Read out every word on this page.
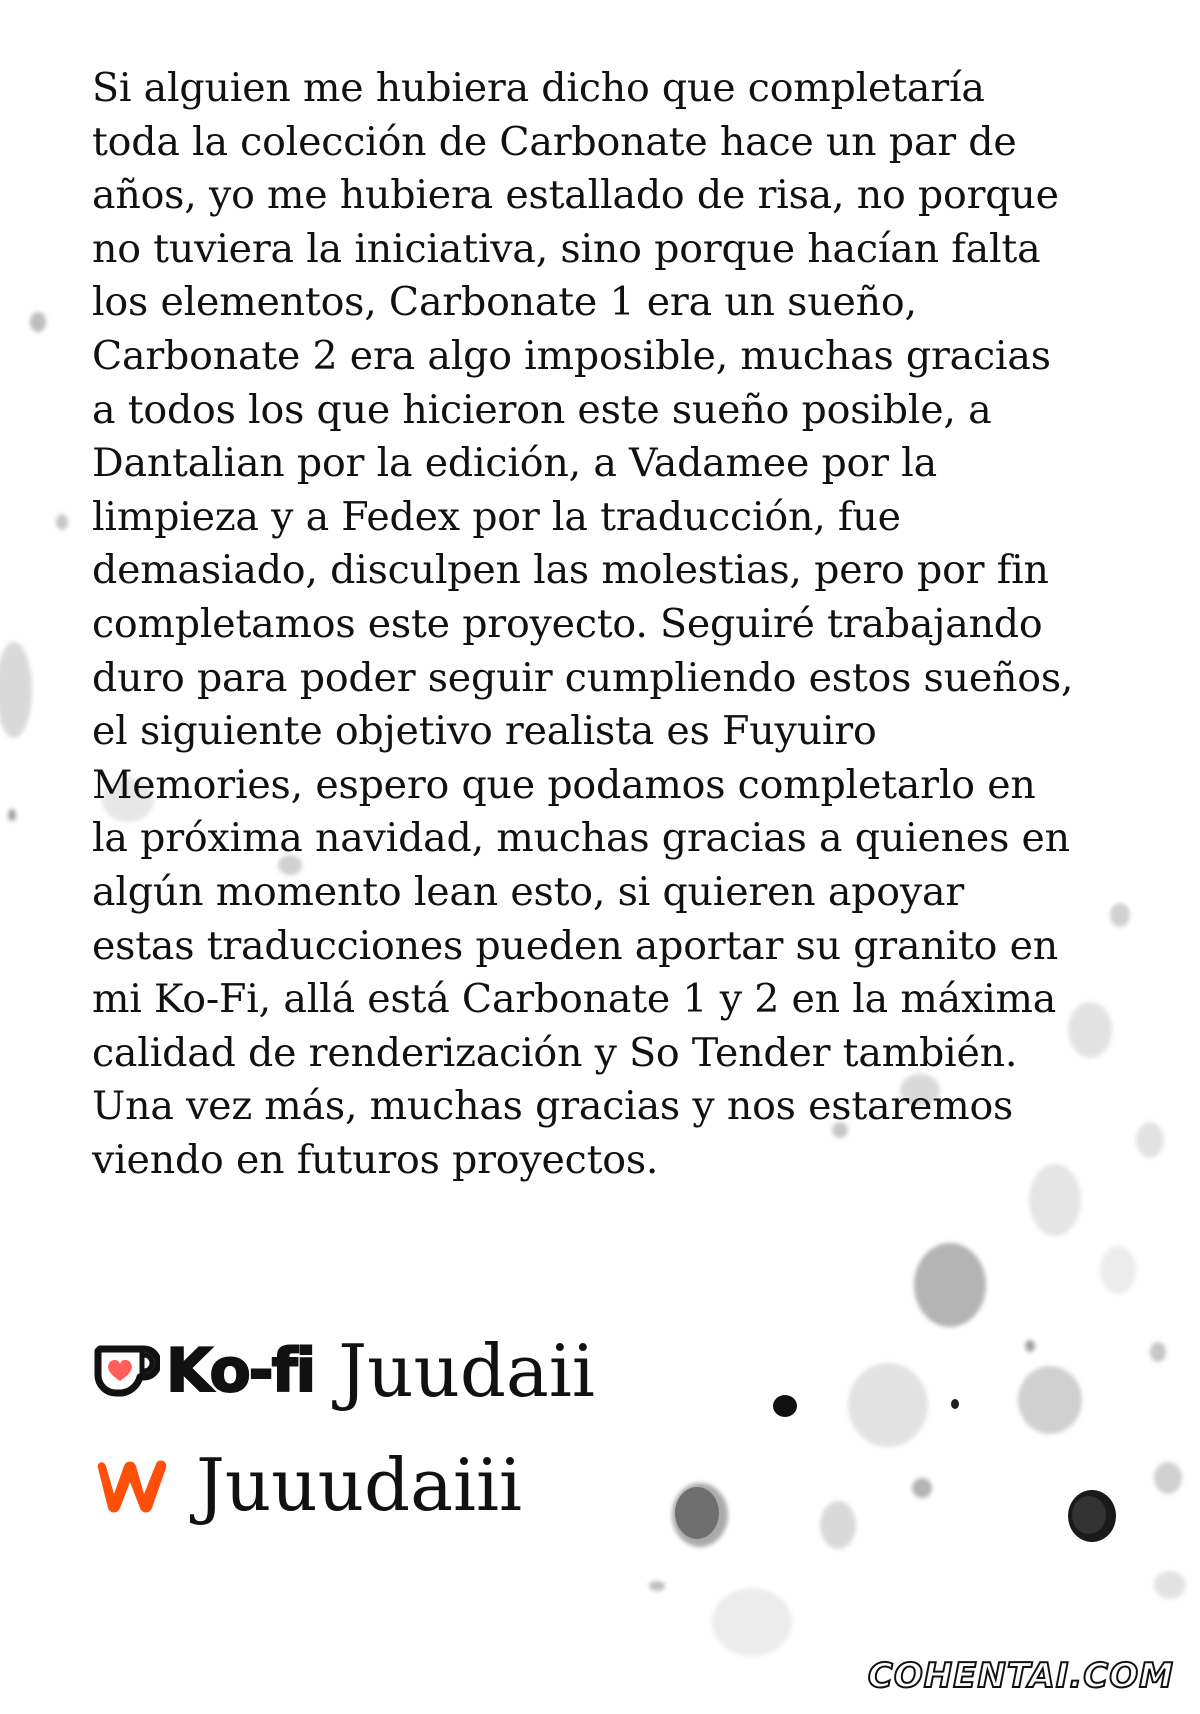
Si alguien me hubiera dicho que completaría
toda la colección de Carbonate hace un par de
años, yo me hubiera estallado de risa, no porque
no tuviera la iniciativa, sino porque hacían falta
los elementos, Carbonate 1 era un sueño,
Carbonate 2 era algo imposible, muchas gracias
a todos los que hicieron este sueño posible, a
Dantalian por la edición, a Vadamee por la
limpieza y a Fedex por la traducción, fue
demasiado, disculpen las molestias, pero por fin
completamos este proyecto. Seguiré trabajando
duro para poder seguir cumpliendo estos sueños,
el siguiente objetivo realista es Fuyuiro
Memories, espero que podamos completarlo en
la próxima navidad, muchas gracias a quienes en
algún momento lean esto, si quieren apoyar
estas traducciones pueden aportar su granito en
mi Ko-Fi, allá está Carbonate 1 y 2 en la máxima
calidad de renderización y So Tender también.
Una vez más, muchas gracias y nos estaremos
viendo en futuros proyectos.

Ko-fi Juudaii
Juuudaiii
COHENTAI.COM
